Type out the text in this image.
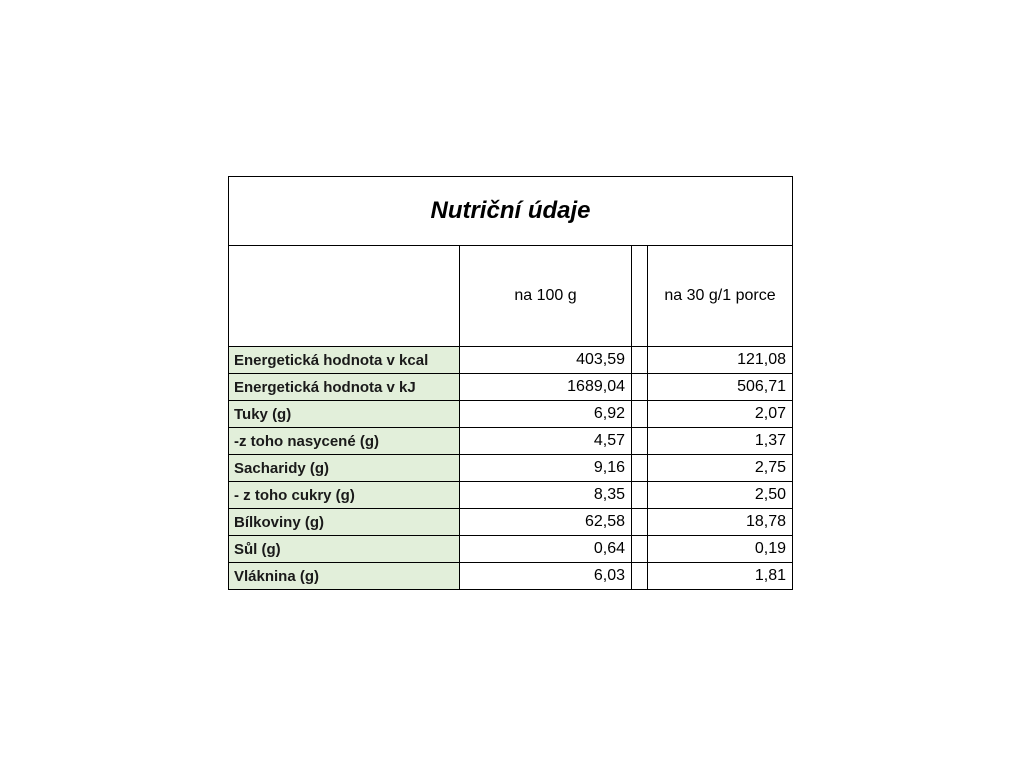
Nutriční údaje			
	na 100 g		na 30 g/1 porce
Energetická hodnota v kcal	403,59		121,08
Energetická hodnota v kJ	1689,04		506,71
Tuky (g)	6,92		2,07
-z toho nasycené (g)	4,57		1,37
Sacharidy (g)	9,16		2,75
- z toho cukry (g)	8,35		2,50
Bílkoviny (g)	62,58		18,78
Sůl (g)	0,64		0,19
Vláknina (g)	6,03		1,81
